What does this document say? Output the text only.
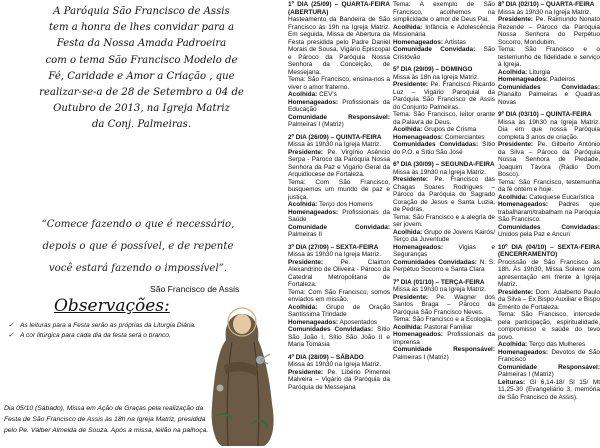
A Paróquia São Francisco de Assis
tem a honra de lhes convidar para a
Festa da Nossa Amada Padroeira
com o tema São Francisco Modelo de
Fé, Caridade e Amor a Criação , que
realizar-se-a de 28 de Setembro a 04 de
Outubro de 2013, na Igreja Matriz
da Conj. Palmeiras.
“Comece fazendo o que é necessário,
depois o que é possível, e de repente
você estará fazendo o impossível”.
São Francisco de Assis
Observações:
✓ As leituras para a Festa serão as próprias da Liturgia Diária.
✓ A cor litúrgica para cada dia da festa será o branco.
Dia 05/10 (Sábado), Missa em Ação de Graças pela realização da Festa de São Francisco de Assis às 18h na Igreja Matriz, presidida pelo Pe. Válber Almeida de Souza. Após a missa, leilão na palhoça.
1º DIA (25/09) – QUARTA-FEIRA (ABERTURA)
Hasteamento da Bandeira de São Francisco às 19h na Igreja Matriz. Em seguida, Missa de Abertura da Festa presidida pelo Padre Daniel Morais de Sousa, Vigário Episcopal e Pároco da Paróquia Nossa Senhora da Conceição, de Messejana.
Tema: São Francisco, ensina-nos a viver o amor fraterno.
Acolhida: CEV's
Homenageados: Profissionais da Educação
Comunidade Responsável: Palmeiras I (Matriz)
2º DIA (26/09) – QUINTA-FEIRA
Missa às 19h30 na Igreja Matriz.
Presidente: Pe. Virgínio Asêncio Serpa - Pároco da Paróquia Nossa Senhora da Paz e Vigário Geral da Arquidiocese de Fortaleza.
Tema: Com São Francisco, busquemos um mundo de paz e justiça.
Acolhida: Terço dos Homens
Homenageados: Profissionais da Saúde
Comunidade Convidada: Palmeiras II
3º DIA (27/09) – SEXTA-FEIRA
Missa às 19h30 na Igreja Matriz.
Presidente:	Pe. Clairton Alexandrino de Oliveira - Pároco da Catedral Metropolitana de Fortaleza.
Tema: Com São Francisco, somos enviados em missão.
Acolhida: Grupo de Oração Santíssima Trindade
Homenageados: Aposentados
Comunidades Convidadas: Sítio São João I, Sítio São João II e Maria Tomásia
4º DIA (28/09) – SÁBADO
Missa às 19h30 na Igreja Matriz.
Presidente: Pe. Libério Pimentel Malveira – Vigário da Paróquia da Paróquia de Messejana
Tema: A exemplo de São Francisco, acolhemos na simplicidade o amor de Deus Pai.
Acolhida: Infância e Adolescência Missionária
Homenageados: Artistas
Comunidade Convidada: São Cristóvão
5º DIA (29/09) – DOMINGO
Missa às 18h na Igreja Matriz.
Presidente: Pe. Francisco Ricardo Luz – Vigário Paroquial da Paróquia São Francisco de Assis do Conjunto Palmeiras.
Tema: São Francisco, leitor orante da Palavra de Deus.
Acolhida: Grupos de Crisma
Homenageados: Comerciantes
Comunidades Convidadas: Sítio do P.O. e Sítio São José
6º DIA (30/09) – SEGUNDA-FEIRA
Missa às 19h30 na Igreja Matriz.
Presidente: Pe. Francisco das Chagas Soares Rodrigues – Pároco da Paróquia do Sagrado Coração de Jesus e Santa Luzia, de Pedras.
Tema: São Francisco e a alegria de ser jovem.
Acolhida: Grupo de Jovens Kairós/ Terço da Juventude
Homenageados: Vigias e Seguranças
Comunidades Convidadas: N. S. Perpétuo Socorro e Santa Clara
7º DIA (01/10) – TERÇA-FEIRA
Missa às 19h30 na Igreja Matriz.
Presidente: Pe. Wagner dos Santos Braga – Pároco da Paróquia São Francisco Neves.
Tema: São Francisco e a Ecologia.
Acolhida: Pastoral Familiar
Homenageados: Profissionais da Imprensa
Comunidade Responsável: Palmeiras I (Matriz)
8º DIA (02/10) – QUARTA-FEIRA
Missa às 19h30 na Igreja Matriz.
Presidente: Pe. Raimundo Nonato Rezende – Pároco da Paróquia Nossa Senhora do Perpétuo Socorro, Mondubim.
Tema: São Francisco e o testemunho de fidelidade e serviço à Igreja.
Acolhida: Liturgia
Homenageados: Padeiros
Comunidades Convidadas: Planalto Palmeiras e Quadras Novas
9º DIA (03/10) – QUINTA-FEIRA
Missa às 19h30 na Igreja Matriz. Dia em que nossa Paróquia completa 3 anos de criação.
Presidente: Pe. Gilberto Antônio da Silva – Pároco da Paróquia Nossa Senhora de Piedade, Joaquim Távora (Rádio Dom Bosco).
Tema: São Francisco, testemunha da fé ontem e hoje.
Acolhida: Catequese Eucarística
Homenageados: Padres que trabalharam/trabalham na Paróquia São Francisco.
Comunidades Convidadas: Unidos pela Paz e Ancuri
10º DIA (04/10) – SEXTA-FEIRA (ENCERRAMENTO)
Procissão de São Francisco às 18h. Às 19h30, Missa Solene com apresentação em frente à Igreja Matriz.
Presidente: Dom. Adalberto Paulo da Silva – Ex Bispo Auxiliar e Bispo Emérito de Fortaleza.
Tema: São Francisco, intercede pela participação, espiritualidade, compromisso e saúde do tevo povo.
Acolhida: Terço das Mulheres
Homenageados: Devotos de São Francisco
Comunidade Responsável: Palmeiras I (Matriz)
Leituras: Gl 6,14-18/ Sl 15/ Mt 11,25-30 (Evangeliário 3, memória de São Francisco de Assis).
